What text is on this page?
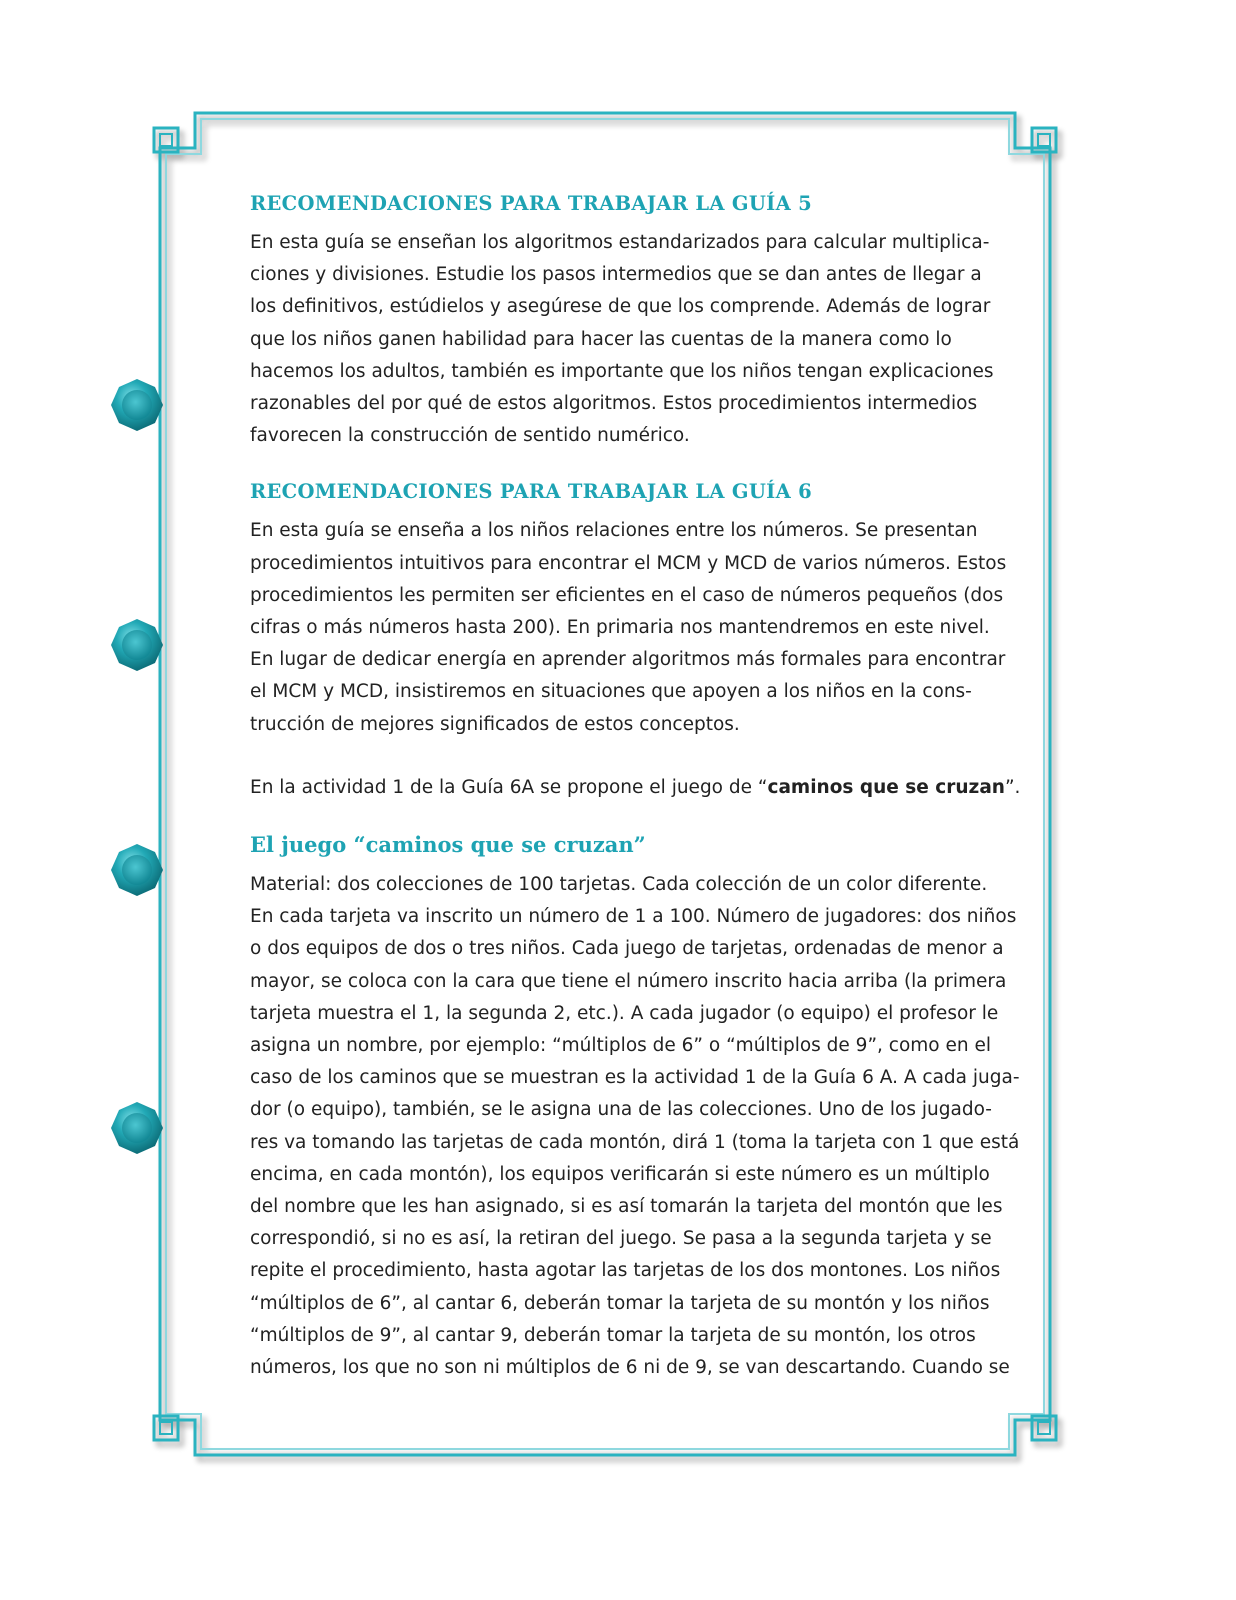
RECOMENDACIONES PARA TRABAJAR LA GUÍA 5

En esta guía se enseñan los algoritmos estandarizados para calcular multiplica-
ciones y divisiones. Estudie los pasos intermedios que se dan antes de llegar a
los definitivos, estúdielos y asegúrese de que los comprende. Además de lograr
que los niños ganen habilidad para hacer las cuentas de la manera como lo
hacemos los adultos, también es importante que los niños tengan explicaciones
razonables del por qué de estos algoritmos. Estos procedimientos intermedios
favorecen la construcción de sentido numérico.

RECOMENDACIONES PARA TRABAJAR LA GUÍA 6

En esta guía se enseña a los niños relaciones entre los números. Se presentan
procedimientos intuitivos para encontrar el MCM y MCD de varios números. Estos
procedimientos les permiten ser eficientes en el caso de números pequeños (dos
cifras o más números hasta 200). En primaria nos mantendremos en este nivel.
En lugar de dedicar energía en aprender algoritmos más formales para encontrar
el MCM y MCD, insistiremos en situaciones que apoyen a los niños en la cons-
trucción de mejores significados de estos conceptos.

En la actividad 1 de la Guía 6A se propone el juego de “caminos que se cruzan”.

El juego “caminos que se cruzan”

Material: dos colecciones de 100 tarjetas. Cada colección de un color diferente.
En cada tarjeta va inscrito un número de 1 a 100. Número de jugadores: dos niños
o dos equipos de dos o tres niños. Cada juego de tarjetas, ordenadas de menor a
mayor, se coloca con la cara que tiene el número inscrito hacia arriba (la primera
tarjeta muestra el 1, la segunda 2, etc.). A cada jugador (o equipo) el profesor le
asigna un nombre, por ejemplo: “múltiplos de 6” o “múltiplos de 9”, como en el
caso de los caminos que se muestran es la actividad 1 de la Guía 6 A. A cada juga-
dor (o equipo), también, se le asigna una de las colecciones. Uno de los jugado-
res va tomando las tarjetas de cada montón, dirá 1 (toma la tarjeta con 1 que está
encima, en cada montón), los equipos verificarán si este número es un múltiplo
del nombre que les han asignado, si es así tomarán la tarjeta del montón que les
correspondió, si no es así, la retiran del juego. Se pasa a la segunda tarjeta y se
repite el procedimiento, hasta agotar las tarjetas de los dos montones. Los niños
“múltiplos de 6”, al cantar 6, deberán tomar la tarjeta de su montón y los niños
“múltiplos de 9”, al cantar 9, deberán tomar la tarjeta de su montón, los otros
números, los que no son ni múltiplos de 6 ni de 9, se van descartando. Cuando se
